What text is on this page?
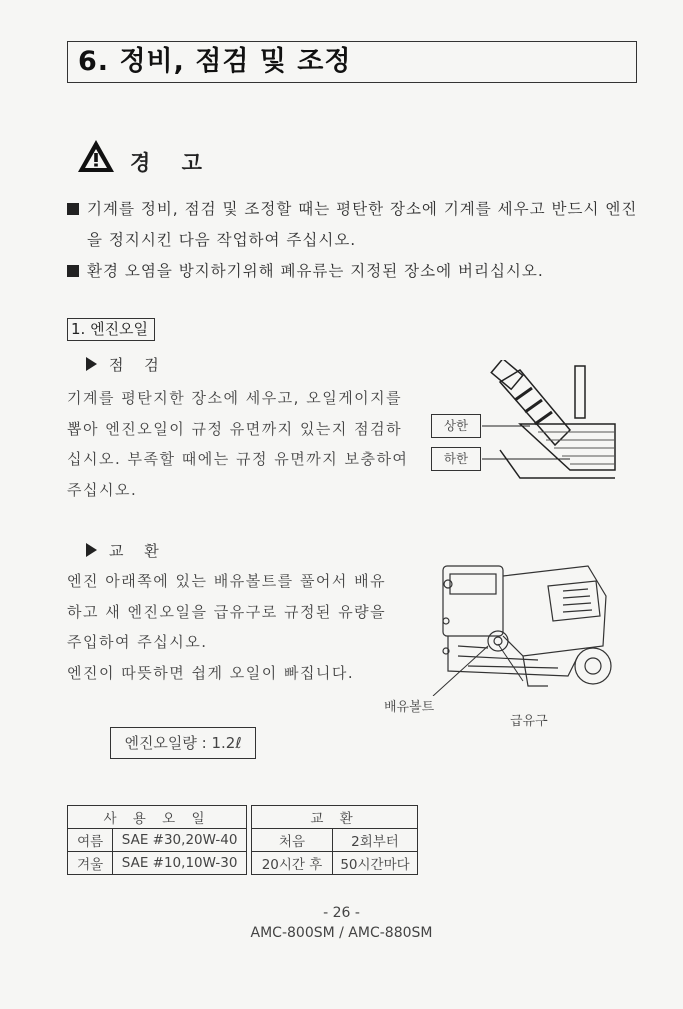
6. 정비, 점검 및 조정
경 고
기계를 정비, 점검 및 조정할 때는 평탄한 장소에 기계를 세우고 반드시 엔진
을 정지시킨 다음 작업하여 주십시오.
환경 오염을 방지하기위해 폐유류는 지정된 장소에 버리십시오.
1. 엔진오일
점 검
기계를 평탄지한 장소에 세우고, 오일게이지를
뽑아 엔진오일이 규정 유면까지 있는지 점검하
십시오. 부족할 때에는 규정 유면까지 보충하여
주십시오.
상한
하한
교 환
엔진 아래쪽에 있는 배유볼트를 풀어서 배유
하고 새 엔진오일을 급유구로 규정된 유량을
주입하여 주십시오.
엔진이 따뜻하면 쉽게 오일이 빠집니다.
배유볼트
급유구
엔진오일량 : 1.2ℓ
사 용 오 일			교 환	
여름	SAE #30,20W-40		처음	2회부터
겨울	SAE #10,10W-30		20시간 후	50시간마다
- 26 -
AMC-800SM / AMC-880SM
